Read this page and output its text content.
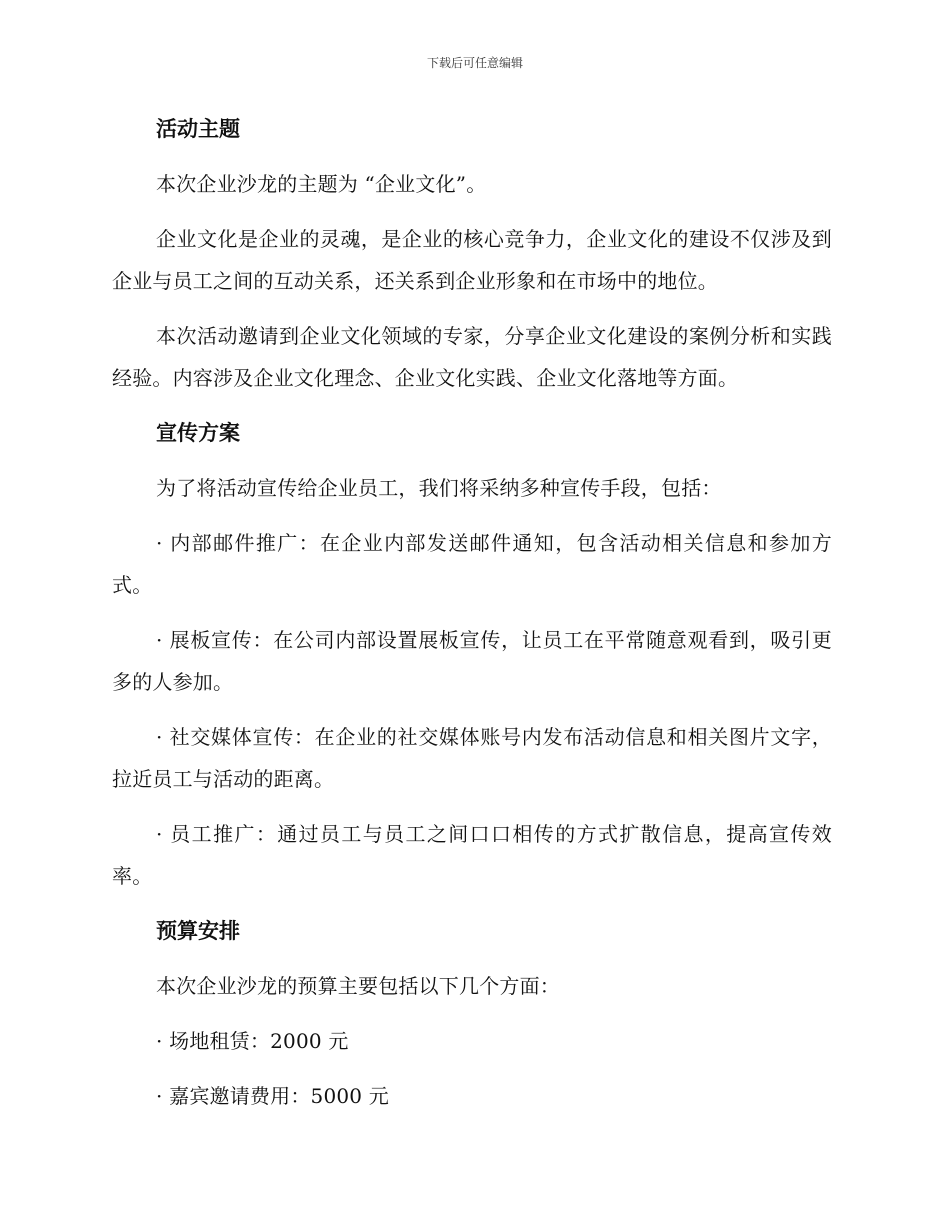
下载后可任意编辑
活动主题

本次企业沙龙的主题为 “企业文化”。

企业文化是企业的灵魂，是企业的核心竞争力，企业文化的建设不仅涉及到企业与员工之间的互动关系，还关系到企业形象和在市场中的地位。

本次活动邀请到企业文化领域的专家，分享企业文化建设的案例分析和实践经验。内容涉及企业文化理念、企业文化实践、企业文化落地等方面。

宣传方案

为了将活动宣传给企业员工，我们将采纳多种宣传手段，包括：

· 内部邮件推广：在企业内部发送邮件通知，包含活动相关信息和参加方式。

· 展板宣传：在公司内部设置展板宣传，让员工在平常随意观看到，吸引更多的人参加。

· 社交媒体宣传：在企业的社交媒体账号内发布活动信息和相关图片文字，拉近员工与活动的距离。

· 员工推广：通过员工与员工之间口口相传的方式扩散信息，提高宣传效率。

预算安排

本次企业沙龙的预算主要包括以下几个方面：

· 场地租赁：2000 元

· 嘉宾邀请费用：5000 元
